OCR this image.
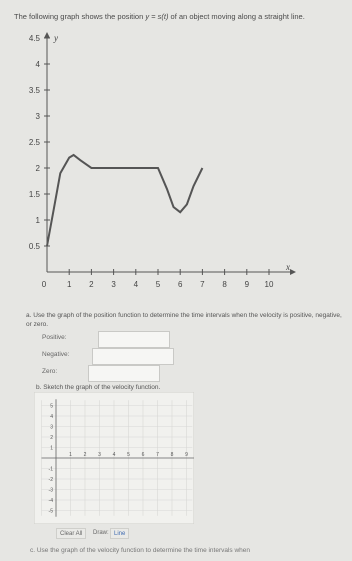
The following graph shows the position y = s(t) of an object moving along a straight line.
y
x
0	1 2 3 4 5 6 7 8 9 10
0.5
1
1.5
2
2.5
3
3.5
4
4.5
a. Use the graph of the position function to determine the time intervals when the velocity is positive, negative, or zero.
Positive:
Negative:
Zero:
b. Sketch the graph of the velocity function.
1 2 3 4 5 6 7 8 9
5
4
3
2
1
-1
-2
-3
-4
-5
Clear All	Draw: Line
c. Use the graph of the velocity function to determine the time intervals when
